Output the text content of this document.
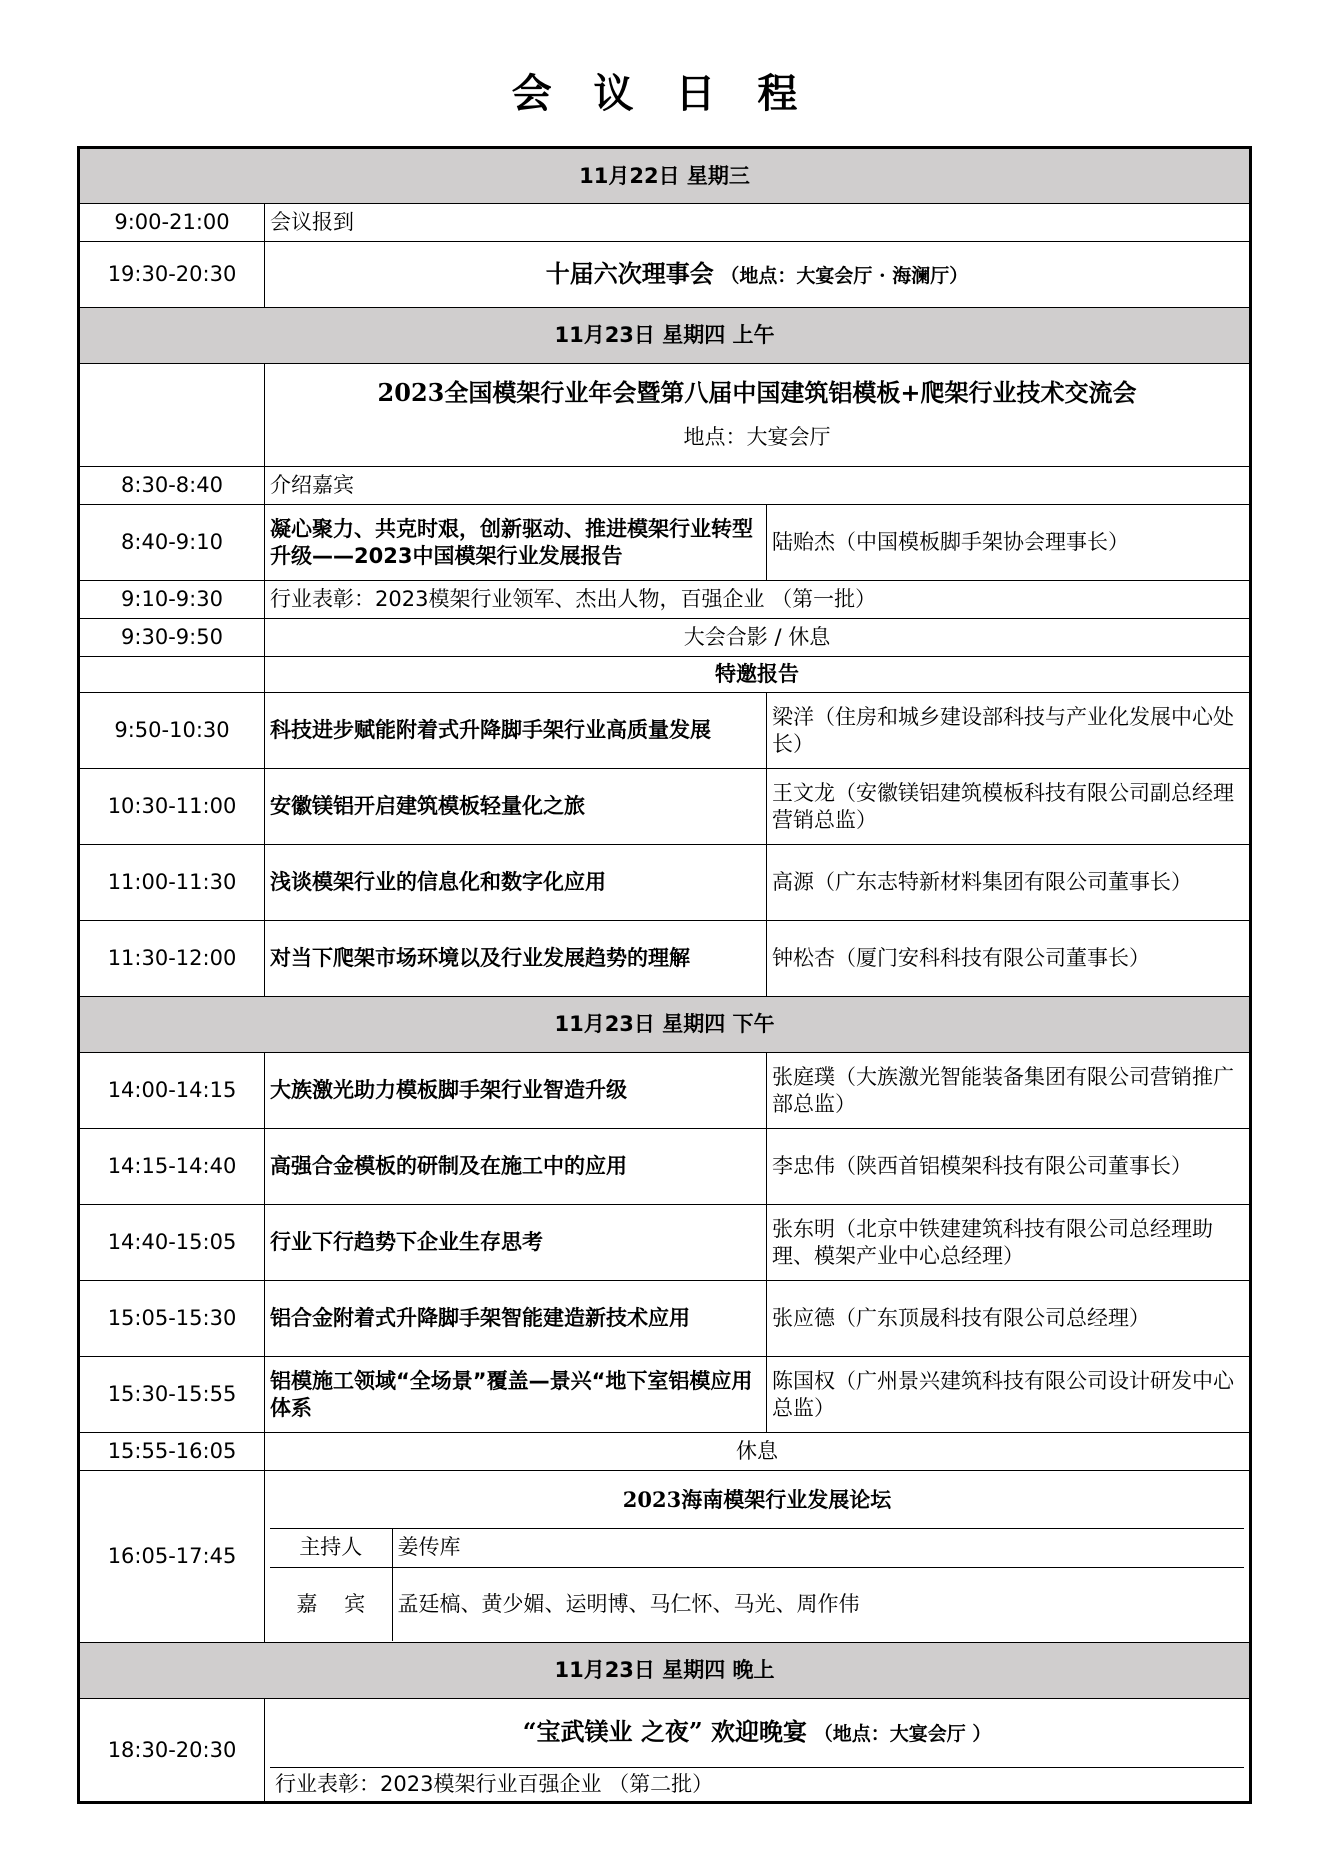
会 议 日 程
11月22日 星期三
9:00-21:00	会议报到
19:30-20:30	十届六次理事会 （地点：大宴会厅 · 海澜厅）
11月23日 星期四 上午

2023全国模架行业年会暨第八届中国建筑铝模板+爬架行业技术交流会
地点：大宴会厅

8:30-8:40	介绍嘉宾
8:40-9:10	凝心聚力、共克时艰，创新驱动、推进模架行业转型升级——2023中国模架行业发展报告	陆贻杰（中国模板脚手架协会理事长）
9:10-9:30	行业表彰：2023模架行业领军、杰出人物，百强企业 （第一批）
9:30-9:50	大会合影 / 休息
	特邀报告
9:50-10:30	科技进步赋能附着式升降脚手架行业高质量发展	梁洋（住房和城乡建设部科技与产业化发展中心处长）
10:30-11:00	安徽镁铝开启建筑模板轻量化之旅	王文龙（安徽镁铝建筑模板科技有限公司副总经理营销总监）
11:00-11:30	浅谈模架行业的信息化和数字化应用	高源（广东志特新材料集团有限公司董事长）
11:30-12:00	对当下爬架市场环境以及行业发展趋势的理解	钟松杏（厦门安科科技有限公司董事长）
11月23日 星期四 下午
14:00-14:15	大族激光助力模板脚手架行业智造升级	张庭璞（大族激光智能装备集团有限公司营销推广部总监）
14:15-14:40	高强合金模板的研制及在施工中的应用	李忠伟（陕西首铝模架科技有限公司董事长）
14:40-15:05	行业下行趋势下企业生存思考	张东明（北京中铁建建筑科技有限公司总经理助理、模架产业中心总经理）
15:05-15:30	铝合金附着式升降脚手架智能建造新技术应用	张应德（广东顶晟科技有限公司总经理）
15:30-15:55	铝模施工领域“全场景”覆盖—景兴“地下室铝模应用体系	陈国权（广州景兴建筑科技有限公司设计研发中心总监）
15:55-16:05	休息
16:05-17:45	
2023海南模架行业发展论坛
主持人	姜传库
嘉    宾	孟廷槁、黄少媚、运明博、马仁怀、马光、周作伟

11月23日 星期四 晚上
18:30-20:30	
“宝武镁业 之夜” 欢迎晚宴 （地点：大宴会厅 ）
行业表彰：2023模架行业百强企业 （第二批）
